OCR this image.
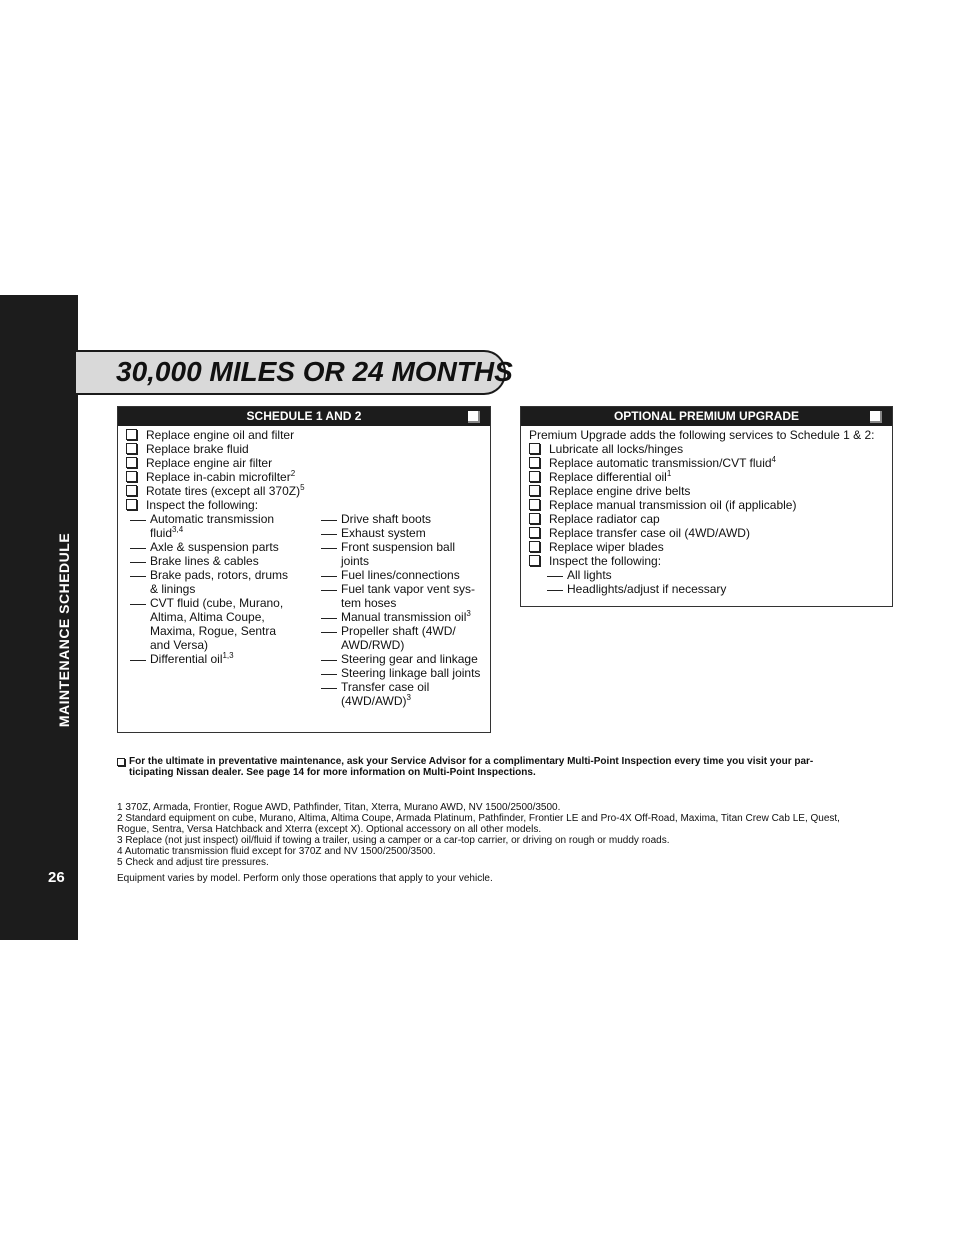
MAINTENANCE SCHEDULE
26
30,000 MILES OR 24 MONTHS
SCHEDULE 1 AND 2
Replace engine oil and filter
Replace brake fluid
Replace engine air filter
Replace in-cabin microfilter$^2$
Rotate tires (except all 370Z)$^5$
Inspect the following:
Automatic transmission
fluid$^{3,4}$
Axle & suspension parts
Brake lines & cables
Brake pads, rotors, drums
& linings
CVT fluid (cube, Murano,
Altima, Altima Coupe,
Maxima, Rogue, Sentra
and Versa)
Differential oil$^{1,3}$
Drive shaft boots
Exhaust system
Front suspension ball
joints
Fuel lines/connections
Fuel tank vapor vent sys-
tem hoses
Manual transmission oil$^3$
Propeller shaft (4WD/
AWD/RWD)
Steering gear and linkage
Steering linkage ball joints
Transfer case oil
$(4WD/AWD)^3$
OPTIONAL PREMIUM UPGRADE
Premium Upgrade adds the following services to Schedule 1 & 2:
Lubricate all locks/hinges
Replace automatic transmission/CVT fluid$^4$
Replace differential oil$^1$
Replace engine drive belts
Replace manual transmission oil (if applicable)
Replace radiator cap
Replace transfer case oil (4WD/AWD)
Replace wiper blades
Inspect the following:
All lights
Headlights/adjust if necessary
For the ultimate in preventative maintenance, ask your Service Advisor for a complimentary Multi-Point Inspection every time you visit your par-
ticipating Nissan dealer. See page 14 for more information on Multi-Point Inspections.
1 370Z, Armada, Frontier, Rogue AWD, Pathfinder, Titan, Xterra, Murano AWD, NV 1500/2500/3500.
2 Standard equipment on cube, Murano, Altima, Altima Coupe, Armada Platinum, Pathfinder, Frontier LE and Pro-4X Off-Road, Maxima, Titan Crew Cab LE, Quest,
Rogue, Sentra, Versa Hatchback and Xterra (except X). Optional accessory on all other models.
3 Replace (not just inspect) oil/fluid if towing a trailer, using a camper or a car-top carrier, or driving on rough or muddy roads.
4 Automatic transmission fluid except for 370Z and NV 1500/2500/3500.
5 Check and adjust tire pressures.
Equipment varies by model. Perform only those operations that apply to your vehicle.
